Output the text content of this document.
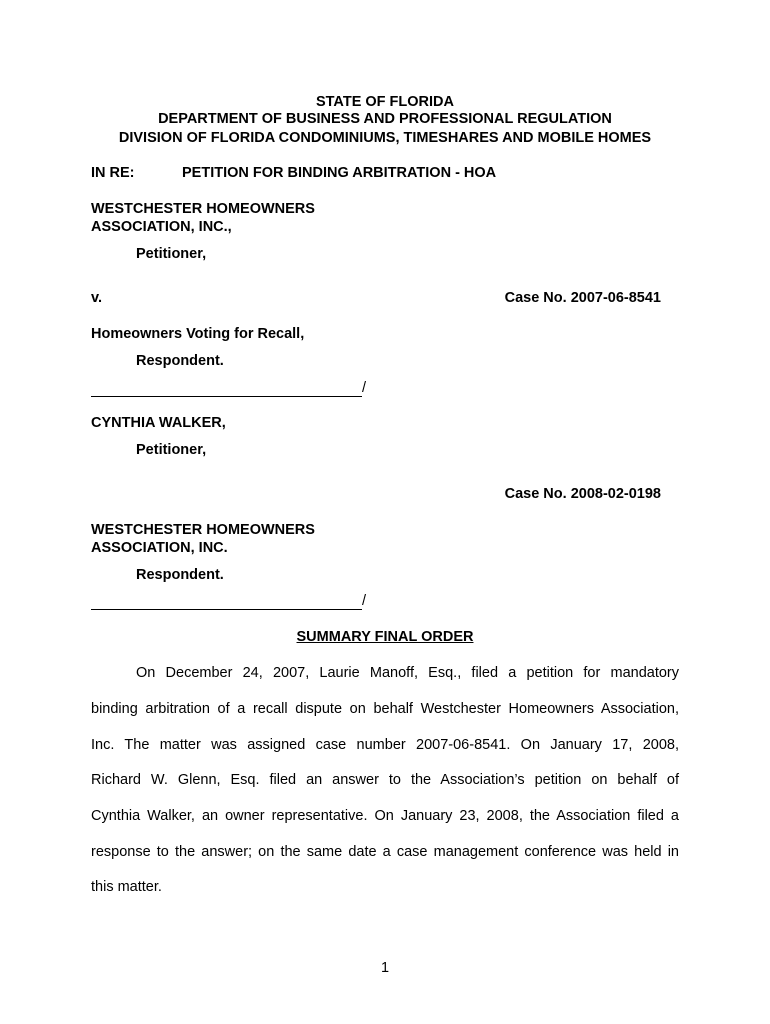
STATE OF FLORIDA
DEPARTMENT OF BUSINESS AND PROFESSIONAL REGULATION
DIVISION OF FLORIDA CONDOMINIUMS, TIMESHARES AND MOBILE HOMES
IN RE:	PETITION FOR BINDING ARBITRATION - HOA
WESTCHESTER HOMEOWNERS
ASSOCIATION, INC.,
Petitioner,
v.	Case No. 2007-06-8541
Homeowners Voting for Recall,
Respondent.
/
CYNTHIA WALKER,
Petitioner,
Case No. 2008-02-0198
WESTCHESTER HOMEOWNERS
ASSOCIATION, INC.
Respondent.
/
SUMMARY FINAL ORDER
On December 24, 2007, Laurie Manoff, Esq., filed a petition for mandatory
binding arbitration of a recall dispute on behalf Westchester Homeowners Association,
Inc. The matter was assigned case number 2007-06-8541. On January 17, 2008,
Richard W. Glenn, Esq. filed an answer to the Association’s petition on behalf of
Cynthia Walker, an owner representative. On January 23, 2008, the Association filed a
response to the answer; on the same date a case management conference was held in
this matter.
1
